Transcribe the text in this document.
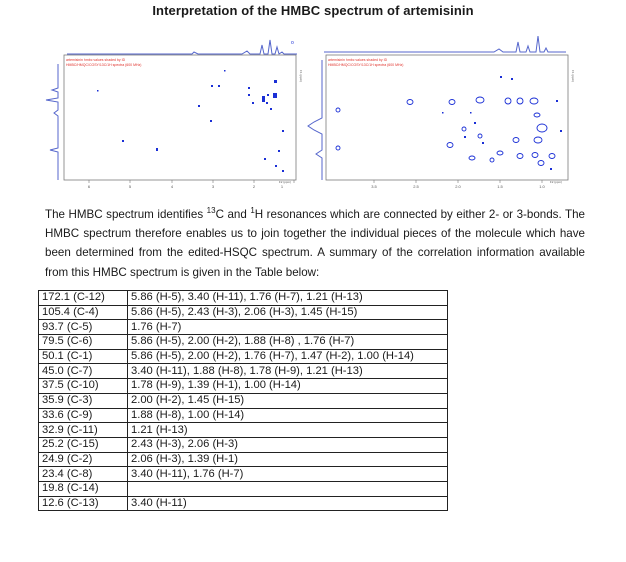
Interpretation of the HMBC spectrum of artemisinin
artemisinin hmbc values shaded by ID
HMBC/HMQC/COSY/13C/1H spectra (600 MHz)
6	5	4	3	2	1
F2 (ppm)
F1 (ppm)
o
artemisinin hmbc values shaded by ID
HMBC/HMQC/COSY/13C/1H spectra (600 MHz)
3.5	2.5	2.0	1.5	1.0
F2 (ppm)
F1 (ppm)
The HMBC spectrum identifies $^{13}$C and $^1$H resonances which are connected by either 2- or 3-bonds. The HMBC spectrum therefore enables us to join together the individual pieces of the molecule which have been determined from the edited-HSQC spectrum. A summary of the correlation information available from this HMBC spectrum is given in the Table below:
172.1 (C-12)	5.86 (H-5), 3.40 (H-11), 1.76 (H-7), 1.21 (H-13)
105.4 (C-4)	5.86 (H-5), 2.43 (H-3), 2.06 (H-3), 1.45 (H-15)
93.7 (C-5)	1.76 (H-7)
79.5 (C-6)	5.86 (H-5), 2.00 (H-2), 1.88 (H-8) , 1.76 (H-7)
50.1 (C-1)	5.86 (H-5), 2.00 (H-2), 1.76 (H-7), 1.47 (H-2), 1.00 (H-14)
45.0 (C-7)	3.40 (H-11), 1.88 (H-8), 1.78 (H-9), 1.21 (H-13)
37.5 (C-10)	1.78 (H-9), 1.39 (H-1), 1.00 (H-14)
35.9 (C-3)	2.00 (H-2), 1.45 (H-15)
33.6 (C-9)	1.88 (H-8), 1.00 (H-14)
32.9 (C-11)	1.21 (H-13)
25.2 (C-15)	2.43 (H-3), 2.06 (H-3)
24.9 (C-2)	2.06 (H-3), 1.39 (H-1)
23.4 (C-8)	3.40 (H-11), 1.76 (H-7)
19.8 (C-14)	
12.6 (C-13)	3.40 (H-11)
